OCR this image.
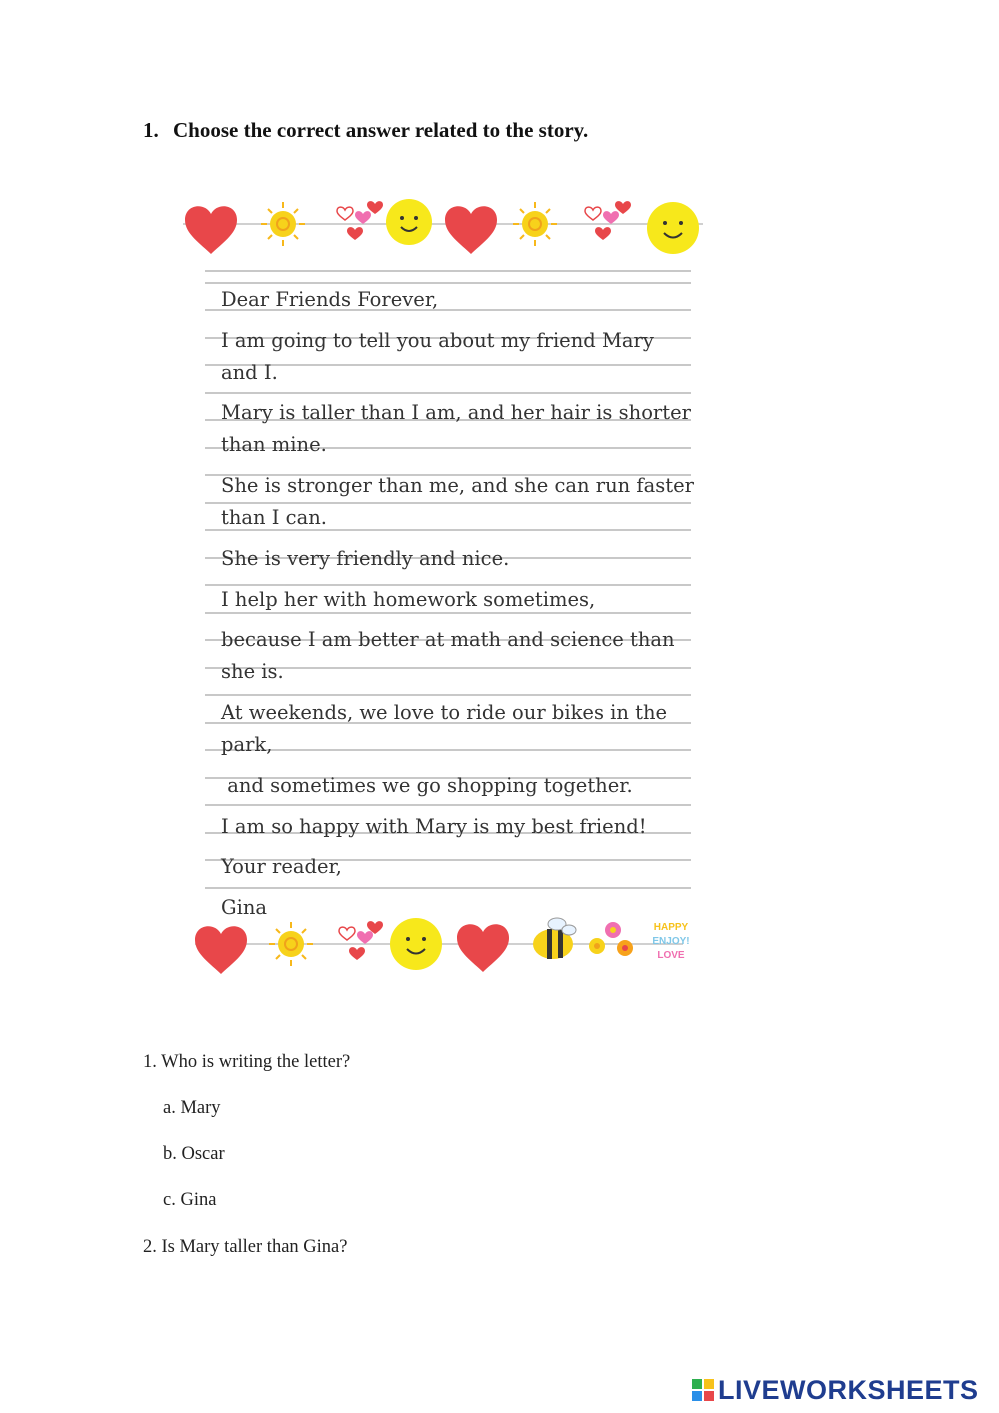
1. Choose the correct answer related to the story.
Dear Friends Forever,
I am going to tell you about my friend Mary
and I.
Mary is taller than I am, and her hair is shorter
than mine.
She is stronger than me, and she can run faster
than I can.
She is very friendly and nice.
I help her with homework sometimes,
because I am better at math and science than
she is.
At weekends, we love to ride our bikes in the
park,
and sometimes we go shopping together.
I am so happy with Mary is my best friend!
Your reader,
Gina
HAPPY
ENJOY!
LOVE
1. Who is writing the letter?
a. Mary
b. Oscar
c. Gina
2. Is Mary taller than Gina?
LIVEWORKSHEETS
